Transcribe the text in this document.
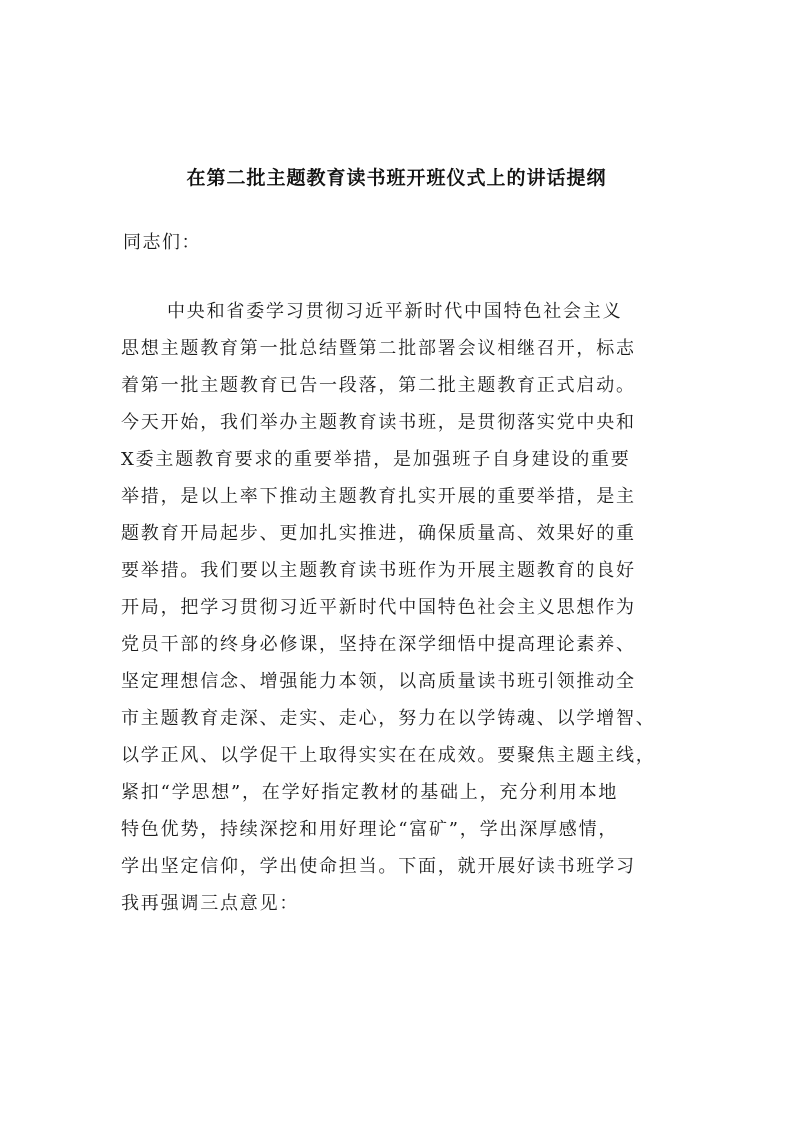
在第二批主题教育读书班开班仪式上的讲话提纲
同志们：
中央和省委学习贯彻习近平新时代中国特色社会主义
思想主题教育第一批总结暨第二批部署会议相继召开，标志
着第一批主题教育已告一段落，第二批主题教育正式启动。
今天开始，我们举办主题教育读书班，是贯彻落实党中央和
X委主题教育要求的重要举措，是加强班子自身建设的重要
举措，是以上率下推动主题教育扎实开展的重要举措，是主
题教育开局起步、更加扎实推进，确保质量高、效果好的重
要举措。我们要以主题教育读书班作为开展主题教育的良好
开局，把学习贯彻习近平新时代中国特色社会主义思想作为
党员干部的终身必修课，坚持在深学细悟中提高理论素养、
坚定理想信念、增强能力本领，以高质量读书班引领推动全
市主题教育走深、走实、走心，努力在以学铸魂、以学增智、
以学正风、以学促干上取得实实在在成效。要聚焦主题主线，
紧扣“学思想”，在学好指定教材的基础上，充分利用本地
特色优势，持续深挖和用好理论“富矿”，学出深厚感情，
学出坚定信仰，学出使命担当。下面，就开展好读书班学习
我再强调三点意见：
